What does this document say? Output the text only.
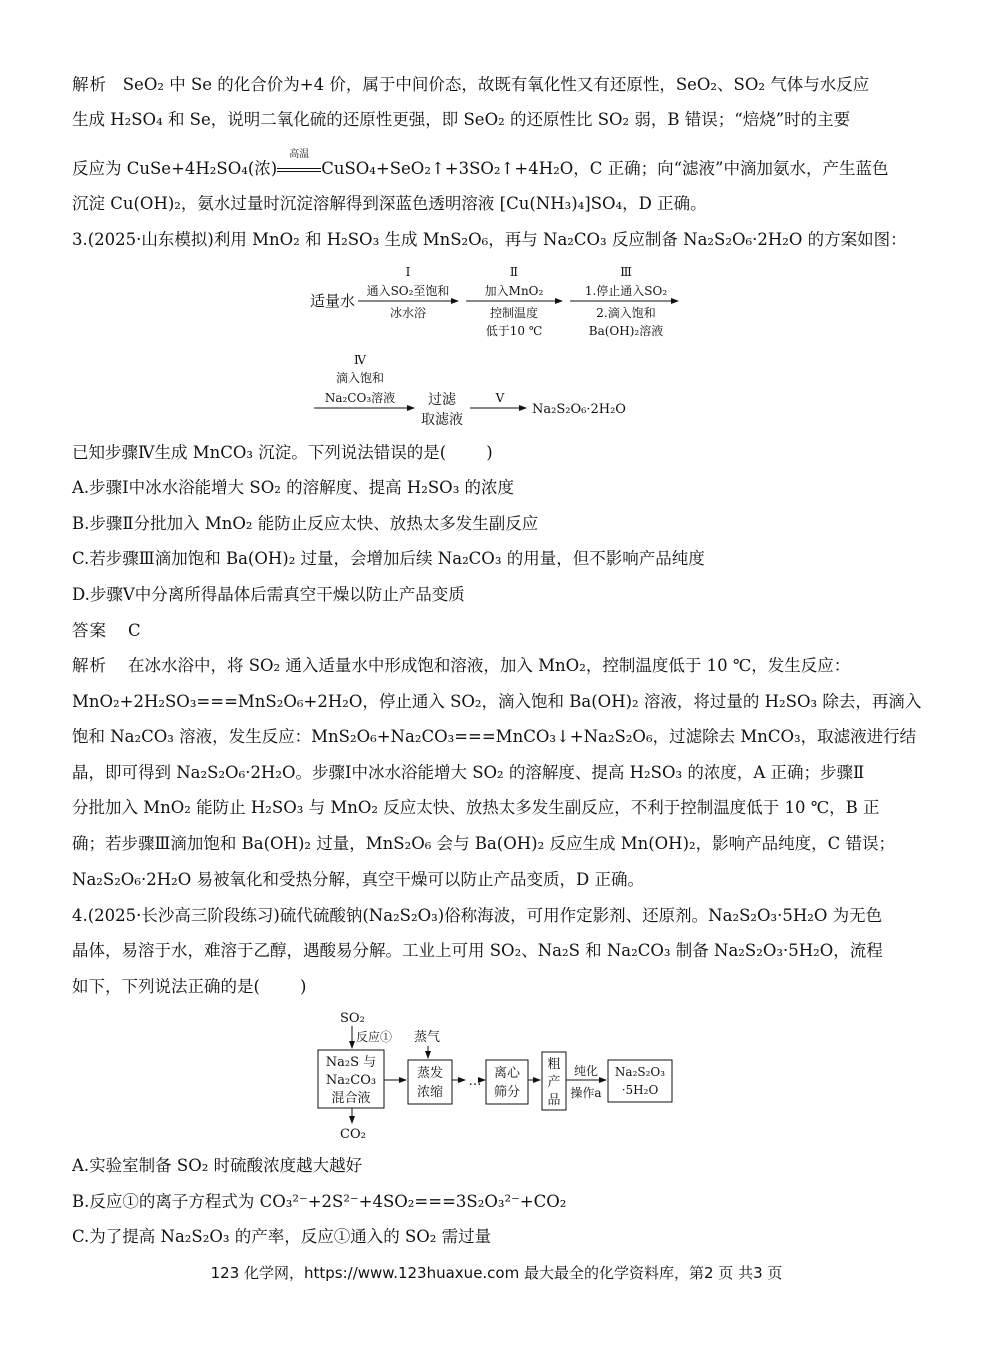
解析 SeO₂ 中 Se 的化合价为+4 价，属于中间价态，故既有氧化性又有还原性，SeO₂、SO₂ 气体与水反应
生成 H₂SO₄ 和 Se，说明二氧化硫的还原性更强，即 SeO₂ 的还原性比 SO₂ 弱，B 错误；“焙烧”时的主要
反应为 CuSe+4H₂SO₄(浓)
高温
CuSO₄+SeO₂↑+3SO₂↑+4H₂O，C 正确；向“滤液”中滴加氨水，产生蓝色
沉淀 Cu(OH)₂，氨水过量时沉淀溶解得到深蓝色透明溶液 [Cu(NH₃)₄]SO₄，D 正确。
3.(2025·山东模拟)利用 MnO₂ 和 H₂SO₃ 生成 MnS₂O₆，再与 Na₂CO₃ 反应制备 Na₂S₂O₆·2H₂O 的方案如图：
适量水
Ⅰ
通入SO₂至饱和
冰水浴
Ⅱ
加入MnO₂
控制温度
低于10 ℃
Ⅲ
1.停止通入SO₂
2.滴入饱和
Ba(OH)₂溶液
Ⅳ
滴入饱和
Na₂CO₃溶液 过滤
取滤液
Ⅴ
Na₂S₂O₆·2H₂O
已知步骤Ⅳ生成 MnCO₃ 沉淀。下列说法错误的是( )
A.步骤Ⅰ中冰水浴能增大 SO₂ 的溶解度、提高 H₂SO₃ 的浓度
B.步骤Ⅱ分批加入 MnO₂ 能防止反应太快、放热太多发生副反应
C.若步骤Ⅲ滴加饱和 Ba(OH)₂ 过量，会增加后续 Na₂CO₃ 的用量，但不影响产品纯度
D.步骤Ⅴ中分离所得晶体后需真空干燥以防止产品变质
答案 C
解析 在冰水浴中，将 SO₂ 通入适量水中形成饱和溶液，加入 MnO₂，控制温度低于 10 ℃，发生反应：
MnO₂+2H₂SO₃===MnS₂O₆+2H₂O，停止通入 SO₂，滴入饱和 Ba(OH)₂ 溶液，将过量的 H₂SO₃ 除去，再滴入
饱和 Na₂CO₃ 溶液，发生反应：MnS₂O₆+Na₂CO₃===MnCO₃↓+Na₂S₂O₆，过滤除去 MnCO₃，取滤液进行结
晶，即可得到 Na₂S₂O₆·2H₂O。步骤Ⅰ中冰水浴能增大 SO₂ 的溶解度、提高 H₂SO₃ 的浓度，A 正确；步骤Ⅱ
分批加入 MnO₂ 能防止 H₂SO₃ 与 MnO₂ 反应太快、放热太多发生副反应，不利于控制温度低于 10 ℃，B 正
确；若步骤Ⅲ滴加饱和 Ba(OH)₂ 过量，MnS₂O₆ 会与 Ba(OH)₂ 反应生成 Mn(OH)₂，影响产品纯度，C 错误；
Na₂S₂O₆·2H₂O 易被氧化和受热分解，真空干燥可以防止产品变质，D 正确。
4.(2025·长沙高三阶段练习)硫代硫酸钠(Na₂S₂O₃)俗称海波，可用作定影剂、还原剂。Na₂S₂O₃·5H₂O 为无色
晶体，易溶于水，难溶于乙醇，遇酸易分解。工业上可用 SO₂、Na₂S 和 Na₂CO₃ 制备 Na₂S₂O₃·5H₂O，流程
如下，下列说法正确的是( )
SO₂
反应①
Na₂S 与
Na₂CO₃
混合液
CO₂
蒸气
蒸发
浓缩
…
离心
筛分
粗
产
品
纯化
操作a
Na₂S₂O₃
·5H₂O
A.实验室制备 SO₂ 时硫酸浓度越大越好
B.反应①的离子方程式为 CO₃²⁻+2S²⁻+4SO₂===3S₂O₃²⁻+CO₂
C.为了提高 Na₂S₂O₃ 的产率，反应①通入的 SO₂ 需过量
123 化学网，https://www.123huaxue.com 最大最全的化学资料库，第2 页 共3 页
